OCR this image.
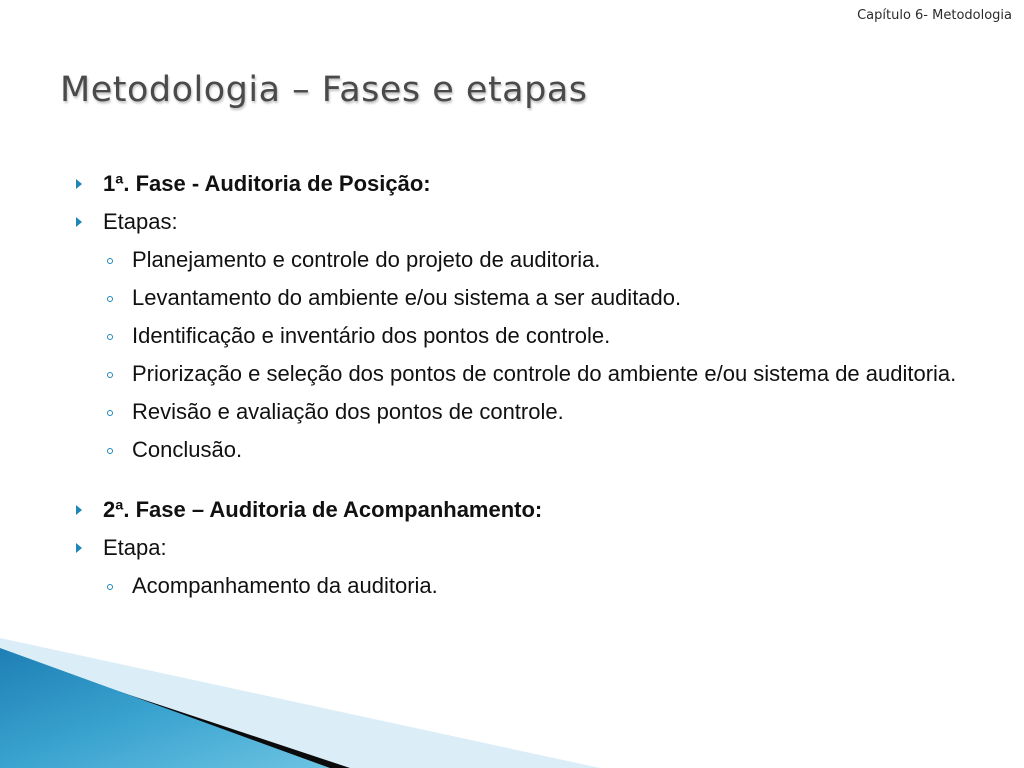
Capítulo 6- Metodologia
Metodologia – Fases e etapas
1ª. Fase - Auditoria de Posição:
Etapas:
Planejamento e controle do projeto de auditoria.
Levantamento do ambiente e/ou sistema a ser auditado.
Identificação e inventário dos pontos de controle.
Priorização e seleção dos pontos de controle do ambiente e/ou sistema de auditoria.
Revisão e avaliação dos pontos de controle.
Conclusão.
2ª. Fase – Auditoria de Acompanhamento:
Etapa:
Acompanhamento da auditoria.
